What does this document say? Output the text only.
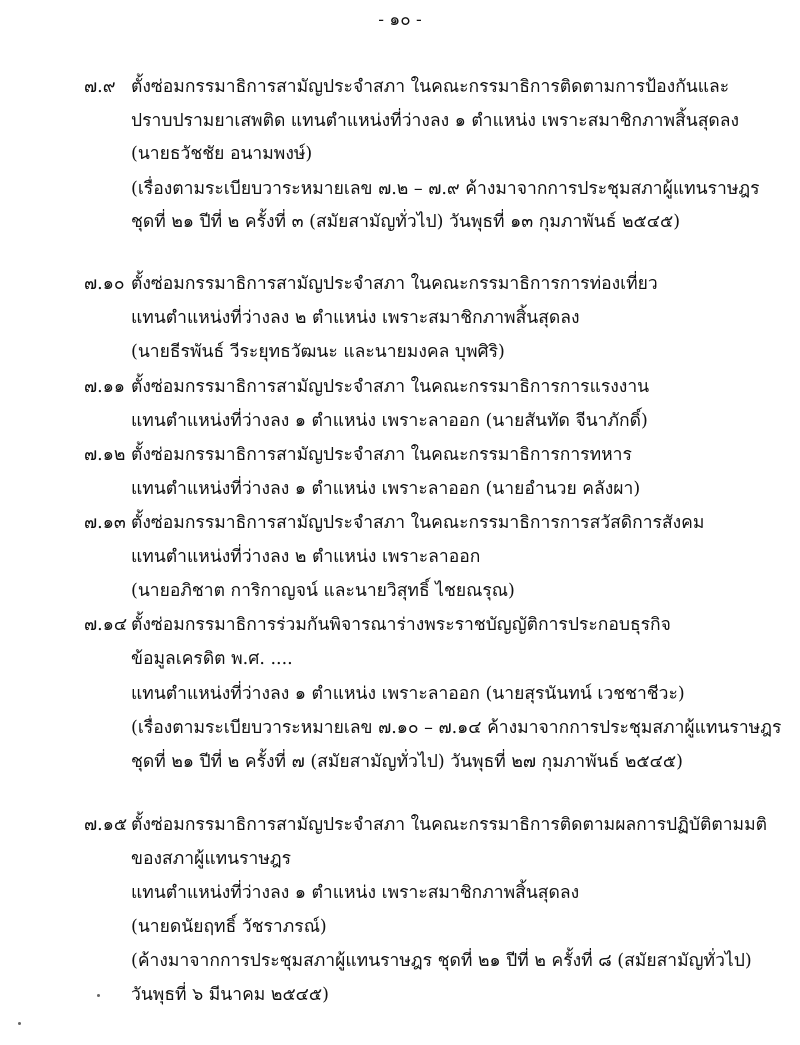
- ๑๐ -
๗.๙ ตั้งซ่อมกรรมาธิการสามัญประจำสภา ในคณะกรรมาธิการติดตามการป้องกันและ
ปราบปรามยาเสพติด แทนตำแหน่งที่ว่างลง ๑ ตำแหน่ง เพราะสมาชิกภาพสิ้นสุดลง
(นายธวัชชัย อนามพงษ์)
(เรื่องตามระเบียบวาระหมายเลข ๗.๒ – ๗.๙ ค้างมาจากการประชุมสภาผู้แทนราษฎร
ชุดที่ ๒๑ ปีที่ ๒ ครั้งที่ ๓ (สมัยสามัญทั่วไป) วันพุธที่ ๑๓ กุมภาพันธ์ ๒๕๔๕)
๗.๑๐ ตั้งซ่อมกรรมาธิการสามัญประจำสภา ในคณะกรรมาธิการการท่องเที่ยว
แทนตำแหน่งที่ว่างลง ๒ ตำแหน่ง เพราะสมาชิกภาพสิ้นสุดลง
(นายธีรพันธ์ วีระยุทธวัฒนะ และนายมงคล บุพศิริ)
๗.๑๑ ตั้งซ่อมกรรมาธิการสามัญประจำสภา ในคณะกรรมาธิการการแรงงาน
แทนตำแหน่งที่ว่างลง ๑ ตำแหน่ง เพราะลาออก (นายสันทัด จีนาภักดิ์)
๗.๑๒ ตั้งซ่อมกรรมาธิการสามัญประจำสภา ในคณะกรรมาธิการการทหาร
แทนตำแหน่งที่ว่างลง ๑ ตำแหน่ง เพราะลาออก (นายอำนวย คลังผา)
๗.๑๓ ตั้งซ่อมกรรมาธิการสามัญประจำสภา ในคณะกรรมาธิการการสวัสดิการสังคม
แทนตำแหน่งที่ว่างลง ๒ ตำแหน่ง เพราะลาออก
(นายอภิชาต การิกาญจน์ และนายวิสุทธิ์ ไชยณรุณ)
๗.๑๔ ตั้งซ่อมกรรมาธิการร่วมกันพิจารณาร่างพระราชบัญญัติการประกอบธุรกิจ
ข้อมูลเครดิต พ.ศ. ....
แทนตำแหน่งที่ว่างลง ๑ ตำแหน่ง เพราะลาออก (นายสุรนันทน์ เวชชาชีวะ)
(เรื่องตามระเบียบวาระหมายเลข ๗.๑๐ – ๗.๑๔ ค้างมาจากการประชุมสภาผู้แทนราษฎร
ชุดที่ ๒๑ ปีที่ ๒ ครั้งที่ ๗ (สมัยสามัญทั่วไป) วันพุธที่ ๒๗ กุมภาพันธ์ ๒๕๔๕)
๗.๑๕ ตั้งซ่อมกรรมาธิการสามัญประจำสภา ในคณะกรรมาธิการติดตามผลการปฏิบัติตามมติ
ของสภาผู้แทนราษฎร
แทนตำแหน่งที่ว่างลง ๑ ตำแหน่ง เพราะสมาชิกภาพสิ้นสุดลง
(นายดนัยฤทธิ์ วัชราภรณ์)
(ค้างมาจากการประชุมสภาผู้แทนราษฎร ชุดที่ ๒๑ ปีที่ ๒ ครั้งที่ ๘ (สมัยสามัญทั่วไป)
วันพุธที่ ๖ มีนาคม ๒๕๔๕)
